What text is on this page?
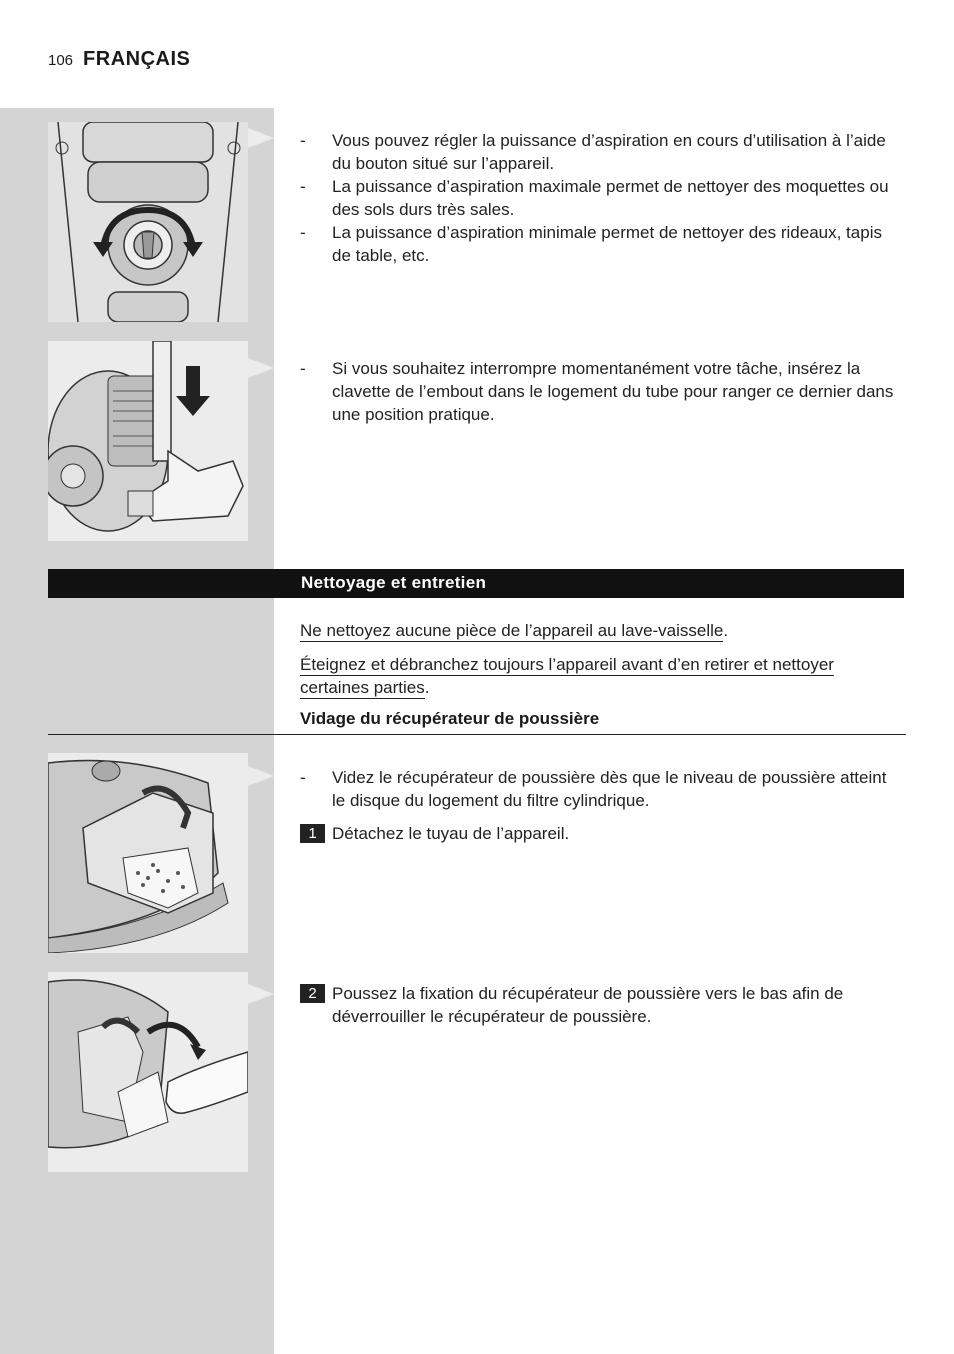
106 FRANÇAIS
- Vous pouvez régler la puissance d’aspiration en cours d’utilisation à l’aide du bouton situé sur l’appareil.
- La puissance d’aspiration maximale permet de nettoyer des moquettes ou des sols durs très sales.
- La puissance d’aspiration minimale permet de nettoyer des rideaux, tapis de table, etc.
- Si vous souhaitez interrompre momentanément votre tâche, insérez la clavette de l’embout dans le logement du tube pour ranger ce dernier dans une position pratique.
Nettoyage et entretien
Ne nettoyez aucune pièce de l’appareil au lave-vaisselle.
Éteignez et débranchez toujours l’appareil avant d’en retirer et nettoyer certaines parties.
Vidage du récupérateur de poussière
- Videz le récupérateur de poussière dès que le niveau de poussière atteint le disque du logement du filtre cylindrique.
1 Détachez le tuyau de l’appareil.
2 Poussez la fixation du récupérateur de poussière vers le bas afin de déverrouiller le récupérateur de poussière.
